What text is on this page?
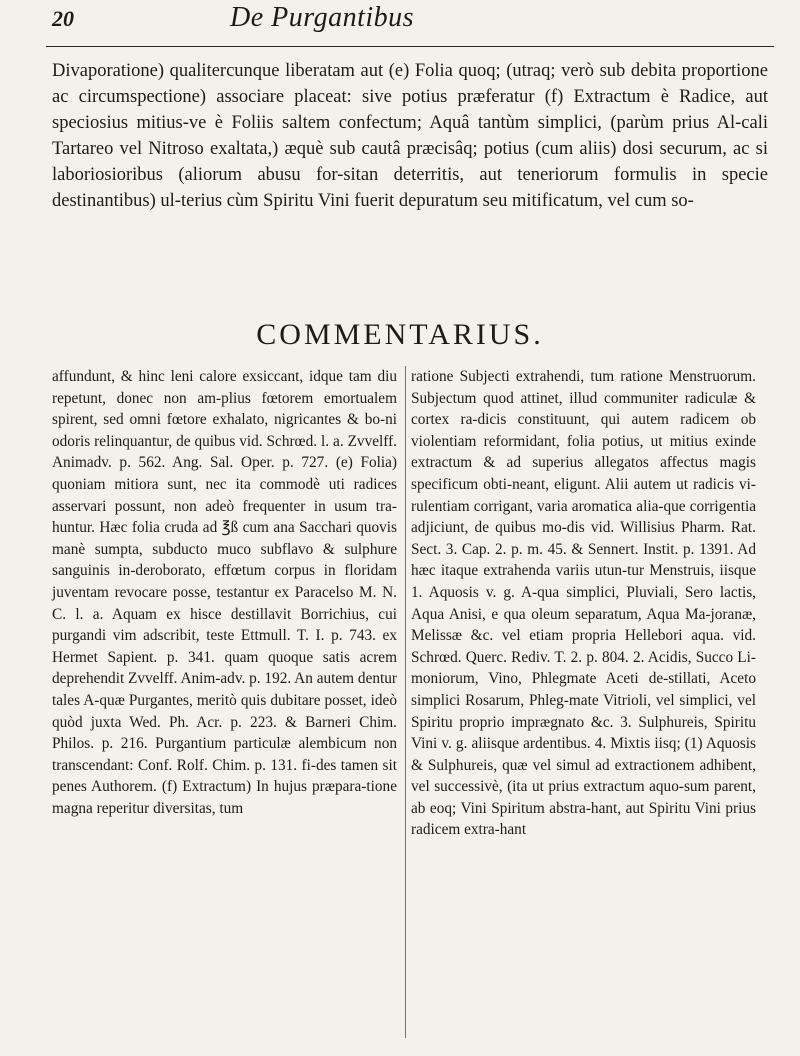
20	De Purgantibus

Divaporatione) qualitercunque liberatam aut (e) Folia quoq; (utraq; verò sub debita proportione ac circumspectione) associare placeat: sive potius præferatur (f) Extractum è Radice, aut speciosius mitius-ve è Foliis saltem confectum; Aquâ tantùm simplici, (parùm prius Al-cali Tartareo vel Nitroso exaltata,) æquè sub cautâ præcisâq; potius (cum aliis) dosi securum, ac si laboriosioribus (aliorum abusu for-sitan deterritis, aut teneriorum formulis in specie destinantibus) ul-terius cùm Spiritu Vini fuerit depuratum seu mitificatum, vel cum so-

COMMENTARIUS.

affundunt, & hinc leni calore exsiccant, idque tam diu repetunt, donec non am-plius fœtorem emortualem spirent, sed omni fœtore exhalato, nigricantes & bo-ni odoris relinquantur, de quibus vid. Schrœd. l. a. Zvvelff. Animadv. p. 562. Ang. Sal. Oper. p. 727. (e) Folia) quoniam mitiora sunt, nec ita commodè uti radices asservari possunt, non adeò frequenter in usum tra-huntur. Hæc folia cruda ad ℥ß cum ana Sacchari quovis manè sumpta, subducto muco subflavo & sulphure sanguinis in-deroborato, effœtum corpus in floridam juventam revocare posse, testantur ex Paracelso M. N. C. l. a. Aquam ex hisce destillavit Borrichius, cui purgandi vim adscribit, teste Ettmull. T. I. p. 743. ex Hermet Sapient. p. 341. quam quoque satis acrem deprehendit Zvvelff. Anim-adv. p. 192. An autem dentur tales A-quæ Purgantes, meritò quis dubitare posset, ideò quòd juxta Wed. Ph. Acr. p. 223. & Barneri Chim. Philos. p. 216. Purgantium particulæ alembicum non transcendant: Conf. Rolf. Chim. p. 131. fi-des tamen sit penes Authorem. (f) Extractum) In hujus præpara-tione magna reperitur diversitas, tum

ratione Subjecti extrahendi, tum ratione Menstruorum. Subjectum quod attinet, illud communiter radiculæ & cortex ra-dicis constituunt, qui autem radicem ob violentiam reformidant, folia potius, ut mitius exinde extractum & ad superius allegatos affectus magis specificum obti-neant, eligunt. Alii autem ut radicis vi-rulentiam corrigant, varia aromatica alia-que corrigentia adjiciunt, de quibus mo-dis vid. Willisius Pharm. Rat. Sect. 3. Cap. 2. p. m. 45. & Sennert. Instit. p. 1391. Ad hæc itaque extrahenda variis utun-tur Menstruis, iisque 1. Aquosis v. g. A-qua simplici, Pluviali, Sero lactis, Aqua Anisi, e qua oleum separatum, Aqua Ma-joranæ, Melissæ &c. vel etiam propria Hellebori aqua. vid. Schrœd. Querc. Rediv. T. 2. p. 804. 2. Acidis, Succo Li-moniorum, Vino, Phlegmate Aceti de-stillati, Aceto simplici Rosarum, Phleg-mate Vitrioli, vel simplici, vel Spiritu proprio imprægnato &c. 3. Sulphureis, Spiritu Vini v. g. aliisque ardentibus. 4. Mixtis iisq; (1) Aquosis & Sulphureis, quæ vel simul ad extractionem adhibent, vel successivè, (ita ut prius extractum aquo-sum parent, ab eoq; Vini Spiritum abstra-hant, aut Spiritu Vini prius radicem extra-hant
